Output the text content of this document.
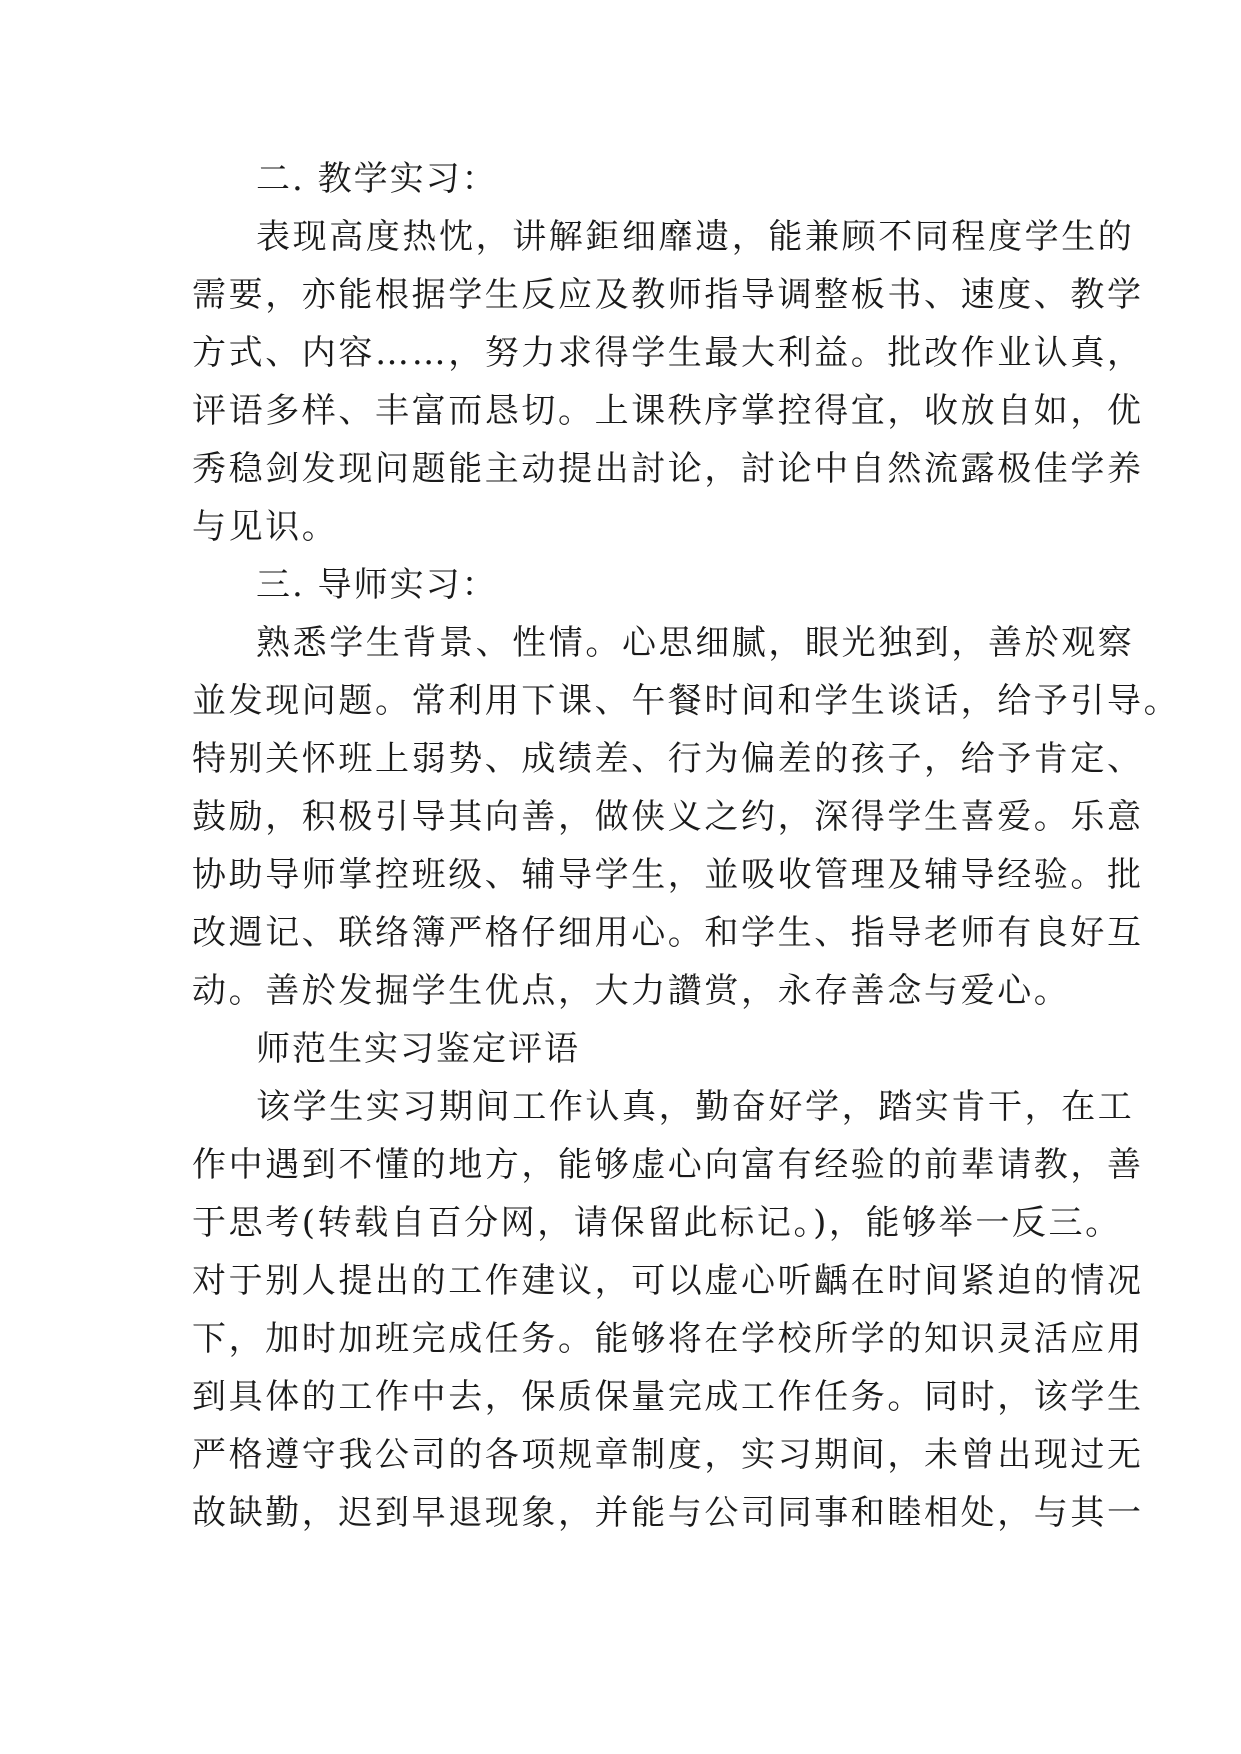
二. 教学实习：
表现高度热忱，讲解鉅细靡遗，能兼顾不同程度学生的
需要，亦能根据学生反应及教师指导调整板书、速度、教学
方式、内容……，努力求得学生最大利益。批改作业认真，
评语多样、丰富而恳切。上课秩序掌控得宜，收放自如，优
秀稳剑发现问题能主动提出討论，討论中自然流露极佳学养
与见识。
三. 导师实习：
熟悉学生背景、性情。心思细腻，眼光独到，善於观察
並发现问题。常利用下课、午餐时间和学生谈话，给予引导。
特别关怀班上弱势、成绩差、行为偏差的孩子，给予肯定、
鼓励，积极引导其向善，做侠义之约，深得学生喜爱。乐意
协助导师掌控班级、辅导学生，並吸收管理及辅导经验。批
改週记、联络簿严格仔细用心。和学生、指导老师有良好互
动。善於发掘学生优点，大力讚赏，永存善念与爱心。
师范生实习鉴定评语
该学生实习期间工作认真，勤奋好学，踏实肯干，在工
作中遇到不懂的地方，能够虚心向富有经验的前辈请教，善
于思考(转载自百分网，请保留此标记。)，能够举一反三。
对于别人提出的工作建议，可以虚心听齲在时间紧迫的情况
下，加时加班完成任务。能够将在学校所学的知识灵活应用
到具体的工作中去，保质保量完成工作任务。同时，该学生
严格遵守我公司的各项规章制度，实习期间，未曾出现过无
故缺勤，迟到早退现象，并能与公司同事和睦相处，与其一
